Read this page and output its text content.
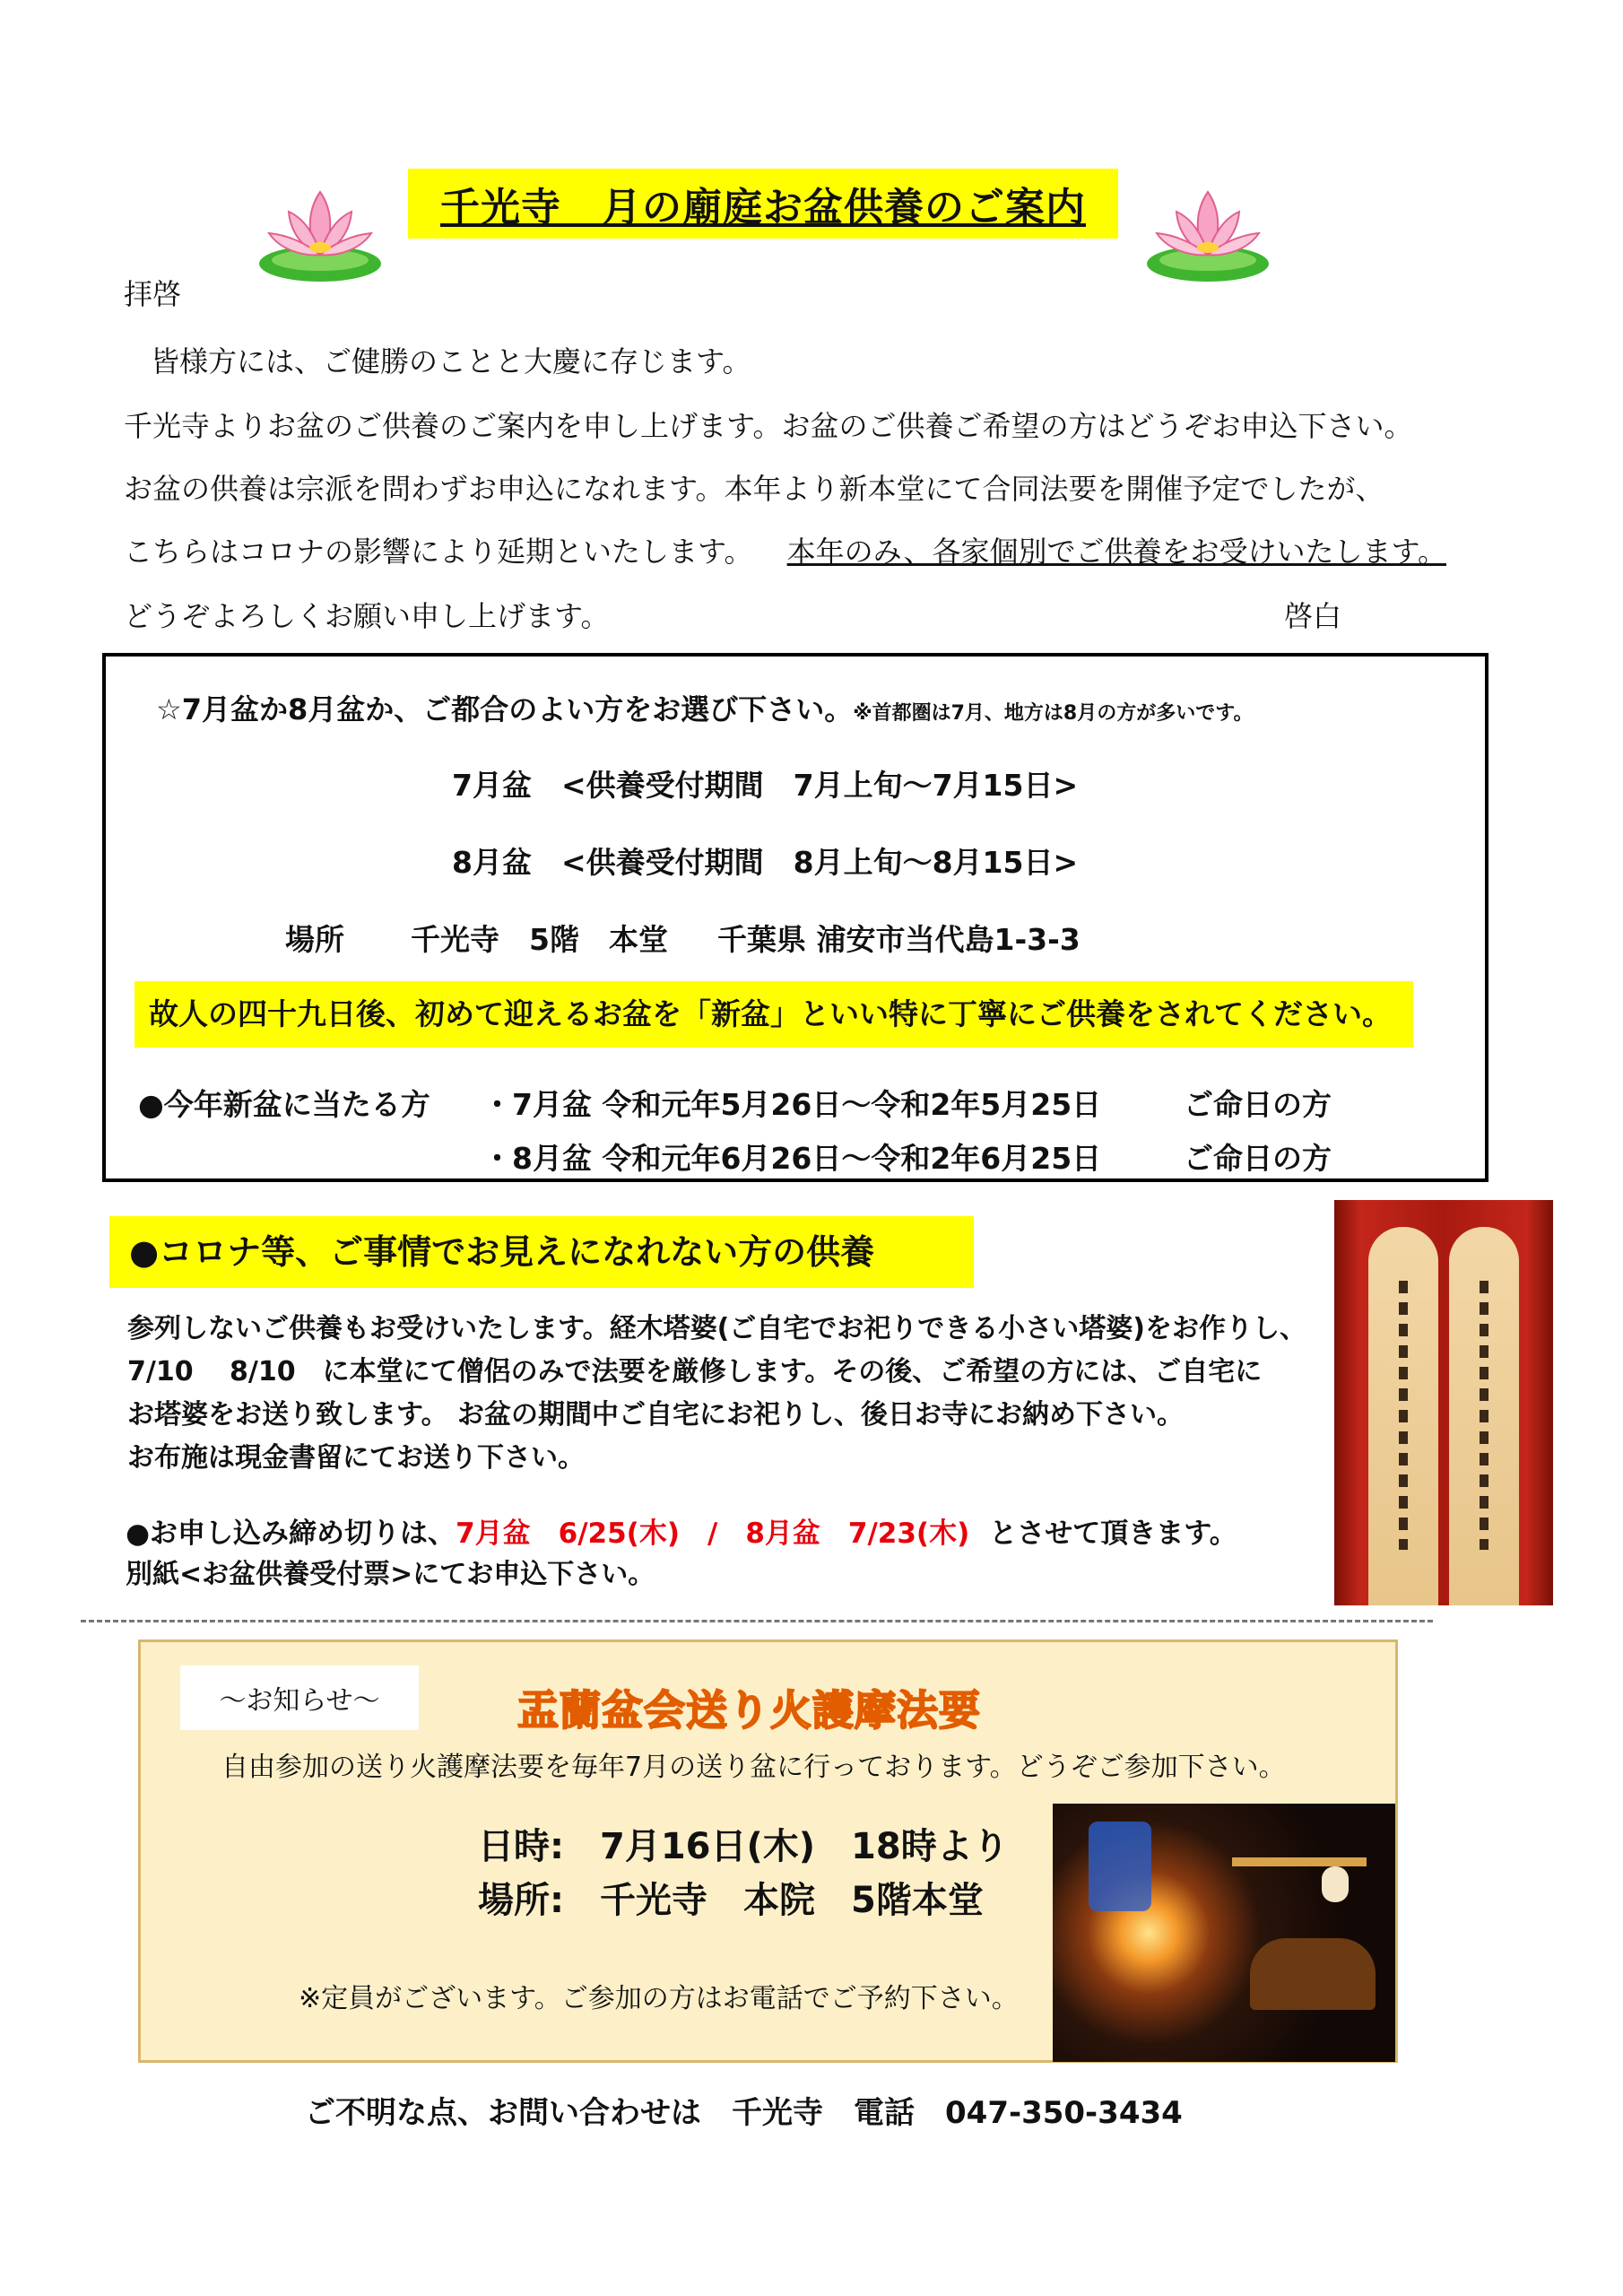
千光寺　月の廟庭お盆供養のご案内
拝啓
皆様方には、ご健勝のことと大慶に存じます。
千光寺よりお盆のご供養のご案内を申し上げます。お盆のご供養ご希望の方はどうぞお申込下さい。
お盆の供養は宗派を問わずお申込になれます。本年より新本堂にて合同法要を開催予定でしたが、
こちらはコロナの影響により延期といたします。 本年のみ、各家個別でご供養をお受けいたします。
どうぞよろしくお願い申し上げます。	啓白
☆7月盆か8月盆か、ご都合のよい方をお選び下さい。※首都圏は7月、地方は8月の方が多いです。
7月盆　<供養受付期間　7月上旬～7月15日>
8月盆　<供養受付期間　8月上旬～8月15日>
場所 千光寺　5階　本堂 千葉県 浦安市当代島1-3-3
故人の四十九日後、初めて迎えるお盆を「新盆」といい特に丁寧にご供養をされてください。
●今年新盆に当たる方 ・7月盆 令和元年5月26日～令和2年5月25日	ご命日の方
・8月盆 令和元年6月26日～令和2年6月25日	ご命日の方
●コロナ等、ご事情でお見えになれない方の供養
参列しないご供養もお受けいたします。経木塔婆(ご自宅でお祀りできる小さい塔婆)をお作りし、
7/10　 8/10　に本堂にて僧侶のみで法要を厳修します。その後、ご希望の方には、ご自宅に
お塔婆をお送り致します。 お盆の期間中ご自宅にお祀りし、後日お寺にお納め下さい。
お布施は現金書留にてお送り下さい。
●お申し込み締め切りは、7月盆　6/25(木)　/　8月盆　7/23(木) とさせて頂きます。
別紙<お盆供養受付票>にてお申込下さい。
～お知らせ～	盂蘭盆会送り火護摩法要
自由参加の送り火護摩法要を毎年7月の送り盆に行っております。どうぞご参加下さい。
日時:　7月16日(木)　18時より
場所:　千光寺　本院　5階本堂
※定員がございます。ご参加の方はお電話でご予約下さい。
ご不明な点、お問い合わせは　千光寺　電話　047-350-3434
